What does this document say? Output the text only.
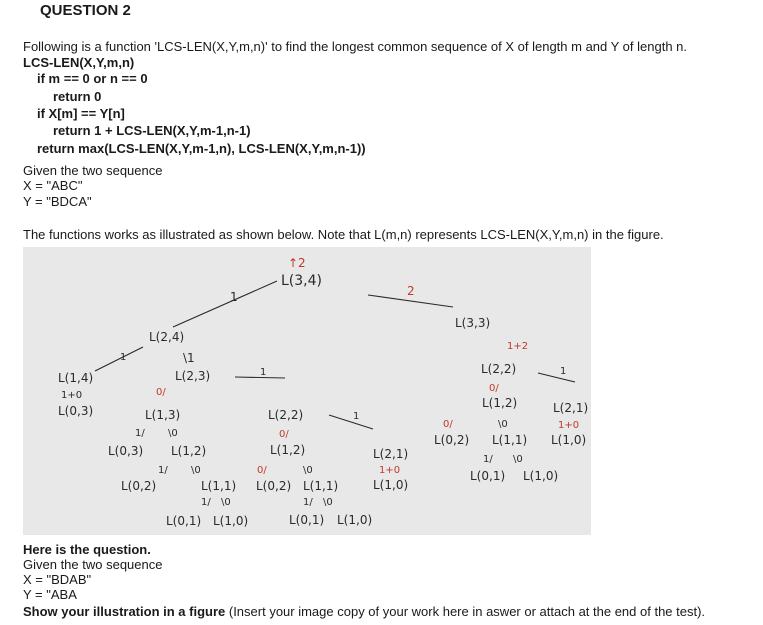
QUESTION 2
Following is a function 'LCS-LEN(X,Y,m,n)' to find the longest common sequence of X of length m and Y of length n.
LCS-LEN(X,Y,m,n)
if m == 0 or n == 0
return 0
if X[m] == Y[n]
return 1 + LCS-LEN(X,Y,m-1,n-1)
return max(LCS-LEN(X,Y,m-1,n), LCS-LEN(X,Y,m,n-1))
Given the two sequence
X = "ABC"
Y = "BDCA"
The functions works as illustrated as shown below. Note that L(m,n) represents LCS-LEN(X,Y,m,n) in the figure.
↑2
L(3,4)
1	2
L(2,4)
1	\1
L(1,4)
1+0
L(0,3)
L(2,3)	1
0/
L(1,3)
1/ \0
L(0,3) L(1,2)
1/ \0
L(0,2)	L(1,1)
1/ \0
L(0,1) L(1,0)
L(2,2)	1
0/
L(1,2)
0/	\0
L(0,2) L(1,1)
1/ \0
L(0,1) L(1,0)
L(2,1)
1+0
L(1,0)
L(3,3)
1+2
L(2,2)	1
0/
L(1,2)
0/	\0
L(0,2) L(1,1)
1/ \0
L(0,1) L(1,0)
L(2,1)
1+0
L(1,0)
Here is the question.
Given the two sequence
X = "BDAB"
Y = "ABA
Show your illustration in a figure (Insert your image copy of your work here in aswer or attach at the end of the test).
